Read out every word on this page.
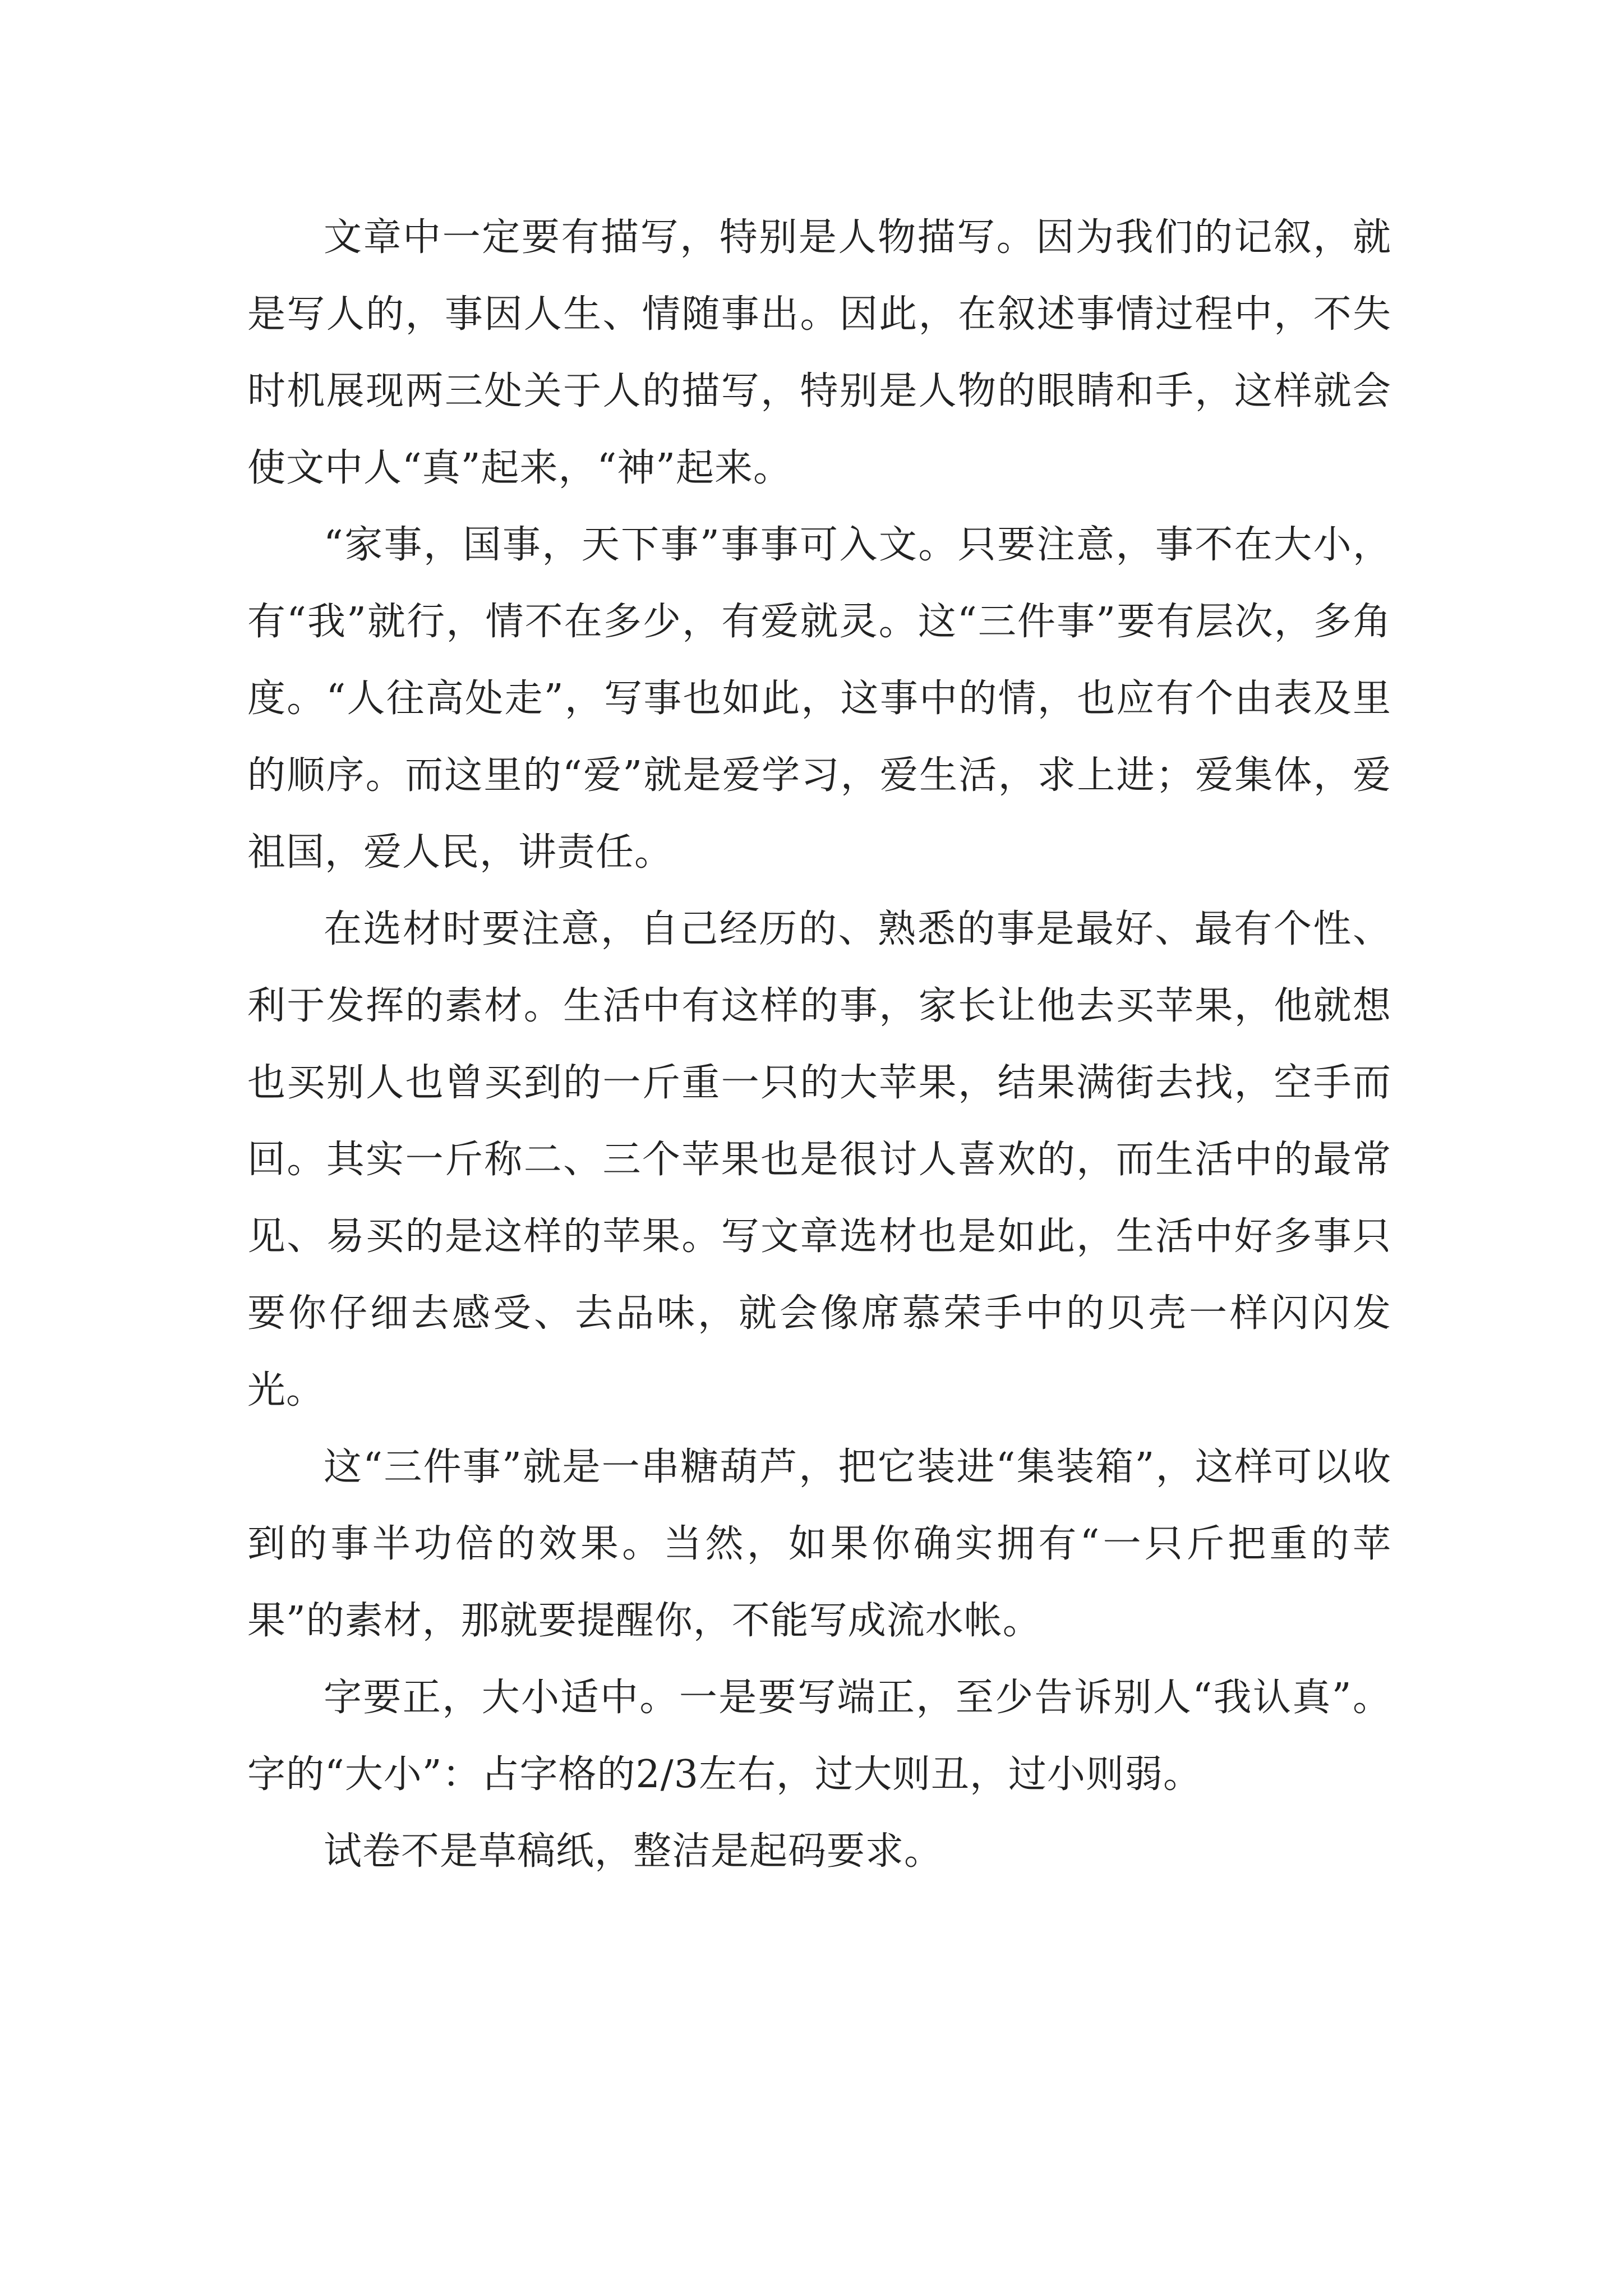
文章中一定要有描写，特别是人物描写。因为我们的记叙，就是写人的，事因人生、情随事出。因此，在叙述事情过程中，不失时机展现两三处关于人的描写，特别是人物的眼睛和手，这样就会使文中人“真”起来，“神”起来。

“家事，国事，天下事”事事可入文。只要注意，事不在大小，有“我”就行，情不在多少，有爱就灵。这“三件事”要有层次，多角度。“人往高处走”，写事也如此，这事中的情，也应有个由表及里的顺序。而这里的“爱”就是爱学习，爱生活，求上进；爱集体，爱祖国，爱人民，讲责任。

在选材时要注意，自己经历的、熟悉的事是最好、最有个性、利于发挥的素材。生活中有这样的事，家长让他去买苹果，他就想也买别人也曾买到的一斤重一只的大苹果，结果满街去找，空手而回。其实一斤称二、三个苹果也是很讨人喜欢的，而生活中的最常见、易买的是这样的苹果。写文章选材也是如此，生活中好多事只要你仔细去感受、去品味，就会像席慕荣手中的贝壳一样闪闪发光。

这“三件事”就是一串糖葫芦，把它装进“集装箱”，这样可以收到的事半功倍的效果。当然，如果你确实拥有“一只斤把重的苹果”的素材，那就要提醒你，不能写成流水帐。

字要正，大小适中。一是要写端正，至少告诉别人“我认真”。字的“大小”：占字格的2/3左右，过大则丑，过小则弱。

试卷不是草稿纸，整洁是起码要求。
